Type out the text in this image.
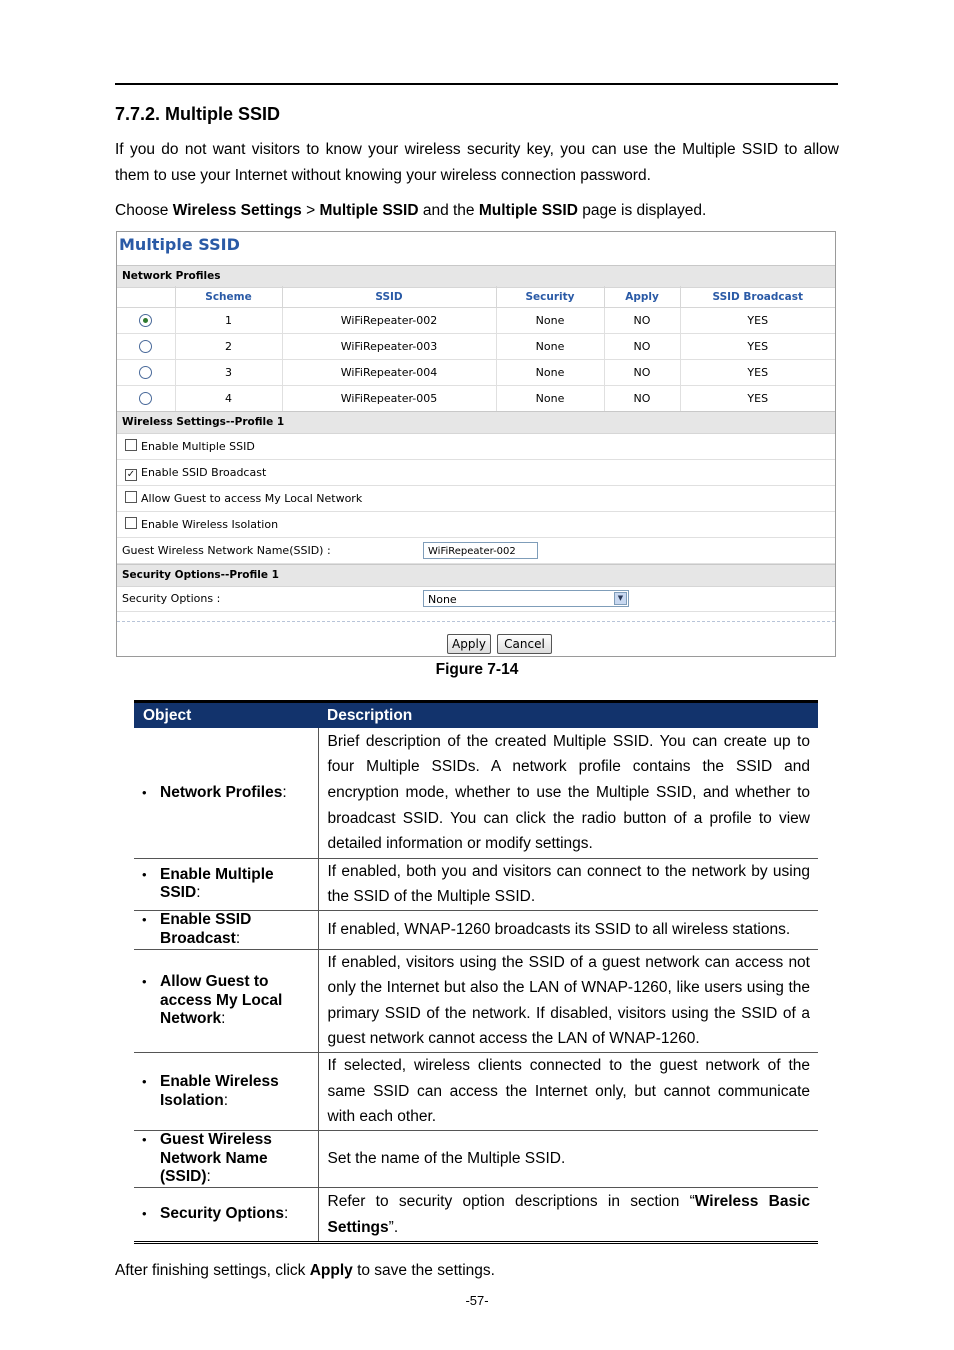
7.7.2. Multiple SSID
If you do not want visitors to know your wireless security key, you can use the Multiple SSID to allow them to use your Internet without knowing your wireless connection password.
Choose Wireless Settings > Multiple SSID and the Multiple SSID page is displayed.
Multiple SSID
Network Profiles
	Scheme	SSID	Security	Apply	SSID Broadcast
	1	WiFiRepeater-002	None	NO	YES
	2	WiFiRepeater-003	None	NO	YES
	3	WiFiRepeater-004	None	NO	YES
	4	WiFiRepeater-005	None	NO	YES
Wireless Settings--Profile 1
Enable Multiple SSID
✓ Enable SSID Broadcast
Allow Guest to access My Local Network
Enable Wireless Isolation
Guest Wireless Network Name(SSID) :	WiFiRepeater-002
Security Options--Profile 1
Security Options :	None	▼
Apply	Cancel
Figure 7-14
Object	Description

• Network Profiles:	Brief description of the created Multiple SSID. You can create up to four Multiple SSIDs. A network profile contains the SSID and encryption mode, whether to use the Multiple SSID, and whether to broadcast SSID. You can click the radio button of a profile to view detailed information or modify settings.

• Enable Multiple SSID:	If enabled, both you and visitors can connect to the network by using the SSID of the Multiple SSID.

• Enable SSID Broadcast:	If enabled, WNAP-1260 broadcasts its SSID to all wireless stations.

• Allow Guest to access My Local Network:	If enabled, visitors using the SSID of a guest network can access not only the Internet but also the LAN of WNAP-1260, like users using the primary SSID of the network. If disabled, visitors using the SSID of a guest network cannot access the LAN of WNAP-1260.

• Enable Wireless Isolation:	If selected, wireless clients connected to the guest network of the same SSID can access the Internet only, but cannot communicate with each other.

• Guest Wireless Network Name (SSID):	Set the name of the Multiple SSID.

• Security Options:	Refer to security option descriptions in section “Wireless Basic Settings”.
After finishing settings, click Apply to save the settings.
-57-
